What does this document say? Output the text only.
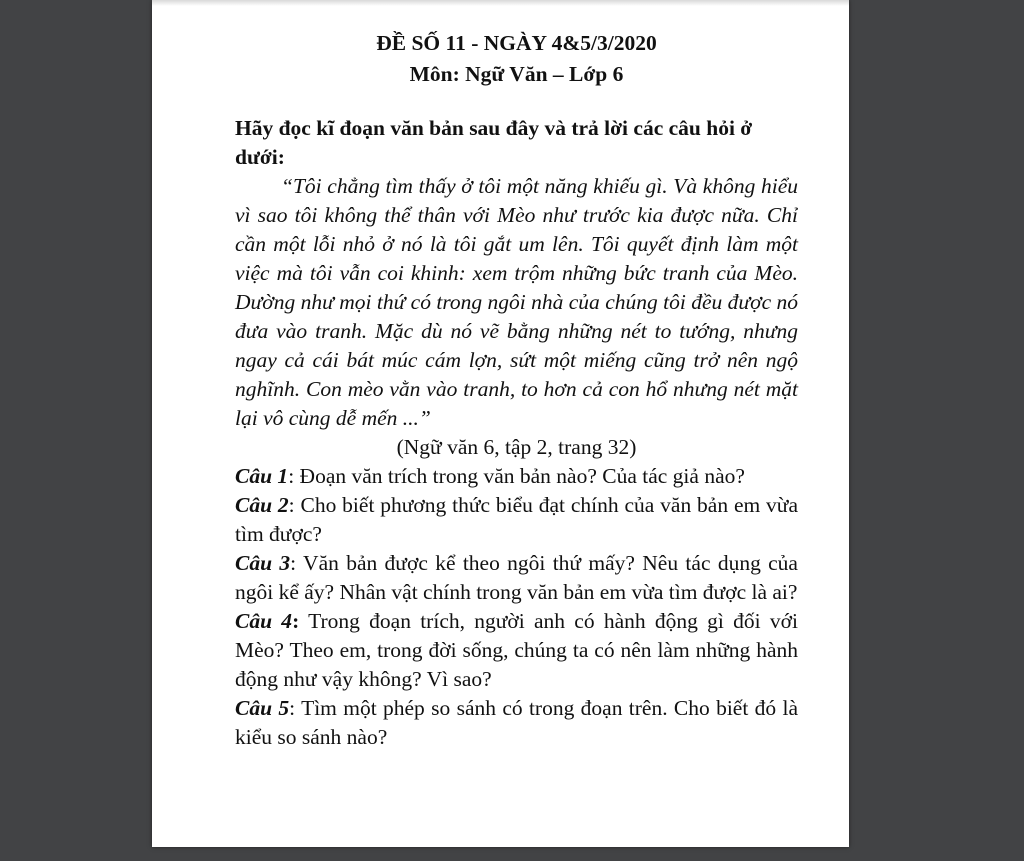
ĐỀ SỐ 11 - NGÀY 4&5/3/2020

Môn: Ngữ Văn – Lớp 6

Hãy đọc kĩ đoạn văn bản sau đây và trả lời các câu hỏi ở dưới:

“Tôi chẳng tìm thấy ở tôi một năng khiếu gì. Và không hiểu vì sao tôi không thể thân với Mèo như trước kia được nữa. Chỉ cần một lỗi nhỏ ở nó là tôi gắt um lên. Tôi quyết định làm một việc mà tôi vẫn coi khinh: xem trộm những bức tranh của Mèo. Dường như mọi thứ có trong ngôi nhà của chúng tôi đều được nó đưa vào tranh. Mặc dù nó vẽ bằng những nét to tướng, nhưng ngay cả cái bát múc cám lợn, sứt một miếng cũng trở nên ngộ nghĩnh. Con mèo vằn vào tranh, to hơn cả con hổ nhưng nét mặt lại vô cùng dễ mến ...”

(Ngữ văn 6, tập 2, trang 32)

Câu 1: Đoạn văn trích trong văn bản nào? Của tác giả nào?

Câu 2: Cho biết phương thức biểu đạt chính của văn bản em vừa tìm được?

Câu 3: Văn bản được kể theo ngôi thứ mấy? Nêu tác dụng của ngôi kể ấy? Nhân vật chính trong văn bản em vừa tìm được là ai?

Câu 4: Trong đoạn trích, người anh có hành động gì đối với Mèo? Theo em, trong đời sống, chúng ta có nên làm những hành động như vậy không? Vì sao?

Câu 5: Tìm một phép so sánh có trong đoạn trên. Cho biết đó là kiểu so sánh nào?
